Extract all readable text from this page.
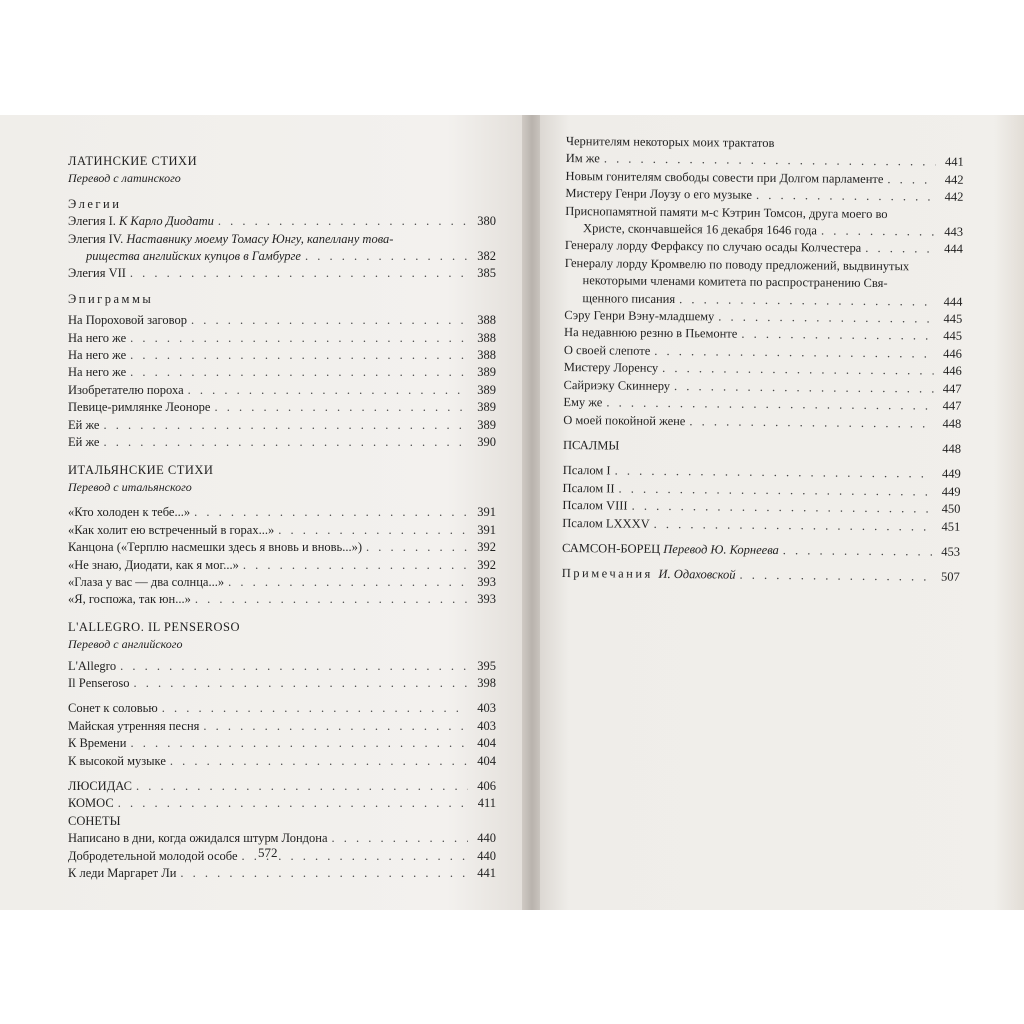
ЛАТИНСКИЕ СТИХИ
Перевод с латинского
Элегии
Элегия I. К Карло Диодати . . .	380
Элегия IV. Наставнику моему Томасу Юнгу, капеллану това-
рищества английских купцов в Гамбурге . . .	382
Элегия VII . . .	385
Эпиграммы
На Пороховой заговор . . .	388
На него же . . .	388
На него же . . .	388
На него же . . .	389
Изобретателю пороха . . .	389
Певице-римлянке Леоноре . . .	389
Ей же . . .	389
Ей же . . .	390
ИТАЛЬЯНСКИЕ СТИХИ
Перевод с итальянского
«Кто холоден к тебе...» . . .	391
«Как холит ею встреченный в горах...» . . .	391
Канцона («Терплю насмешки здесь я вновь и вновь...») . . .	392
«Не знаю, Диодати, как я мог...» . . .	392
«Глаза у вас — два солнца...» . . .	393
«Я, госпожа, так юн...» . . .	393
L'ALLEGRO. IL PENSEROSO
Перевод с английского
L'Allegro . . .	395
Il Penseroso . . .	398
Сонет к соловью . . .	403
Майская утренняя песня . . .	403
К Времени . . .	404
К высокой музыке . . .	404
ЛЮСИДАС . . .	406
КОМОС . . .	411
СОНЕТЫ
Написано в дни, когда ожидался штурм Лондона . . .	440
Добродетельной молодой особе . . .	440
К леди Маргарет Ли . . .	441
572
Чернителям некоторых моих трактатов
Им же . . .	441
Новым гонителям свободы совести при Долгом парламенте . . .	442
Мистеру Генри Лоузу о его музыке . . .	442
Приснопамятной памяти м-с Кэтрин Томсон, друга моего во
Христе, скончавшейся 16 декабря 1646 года . . .	443
Генералу лорду Ферфаксу по случаю осады Колчестера . . .	444
Генералу лорду Кромвелю по поводу предложений, выдвинутых
некоторыми членами комитета по распространению Свя-
щенного писания . . .	444
Сэру Генри Вэну-младшему . . .	445
На недавнюю резню в Пьемонте . . .	445
О своей слепоте . . .	446
Мистеру Лоренсу . . .	446
Сайриэку Скиннеру . . .	447
Ему же . . .	447
О моей покойной жене . . .	448
ПСАЛМЫ	448
Псалом I . . .	449
Псалом II . . .	449
Псалом VIII . . .	450
Псалом LXXXV . . .	451
САМСОН-БОРЕЦ Перевод Ю. Корнеева . . .	453
Примечания И. Одаховской . . .	507
